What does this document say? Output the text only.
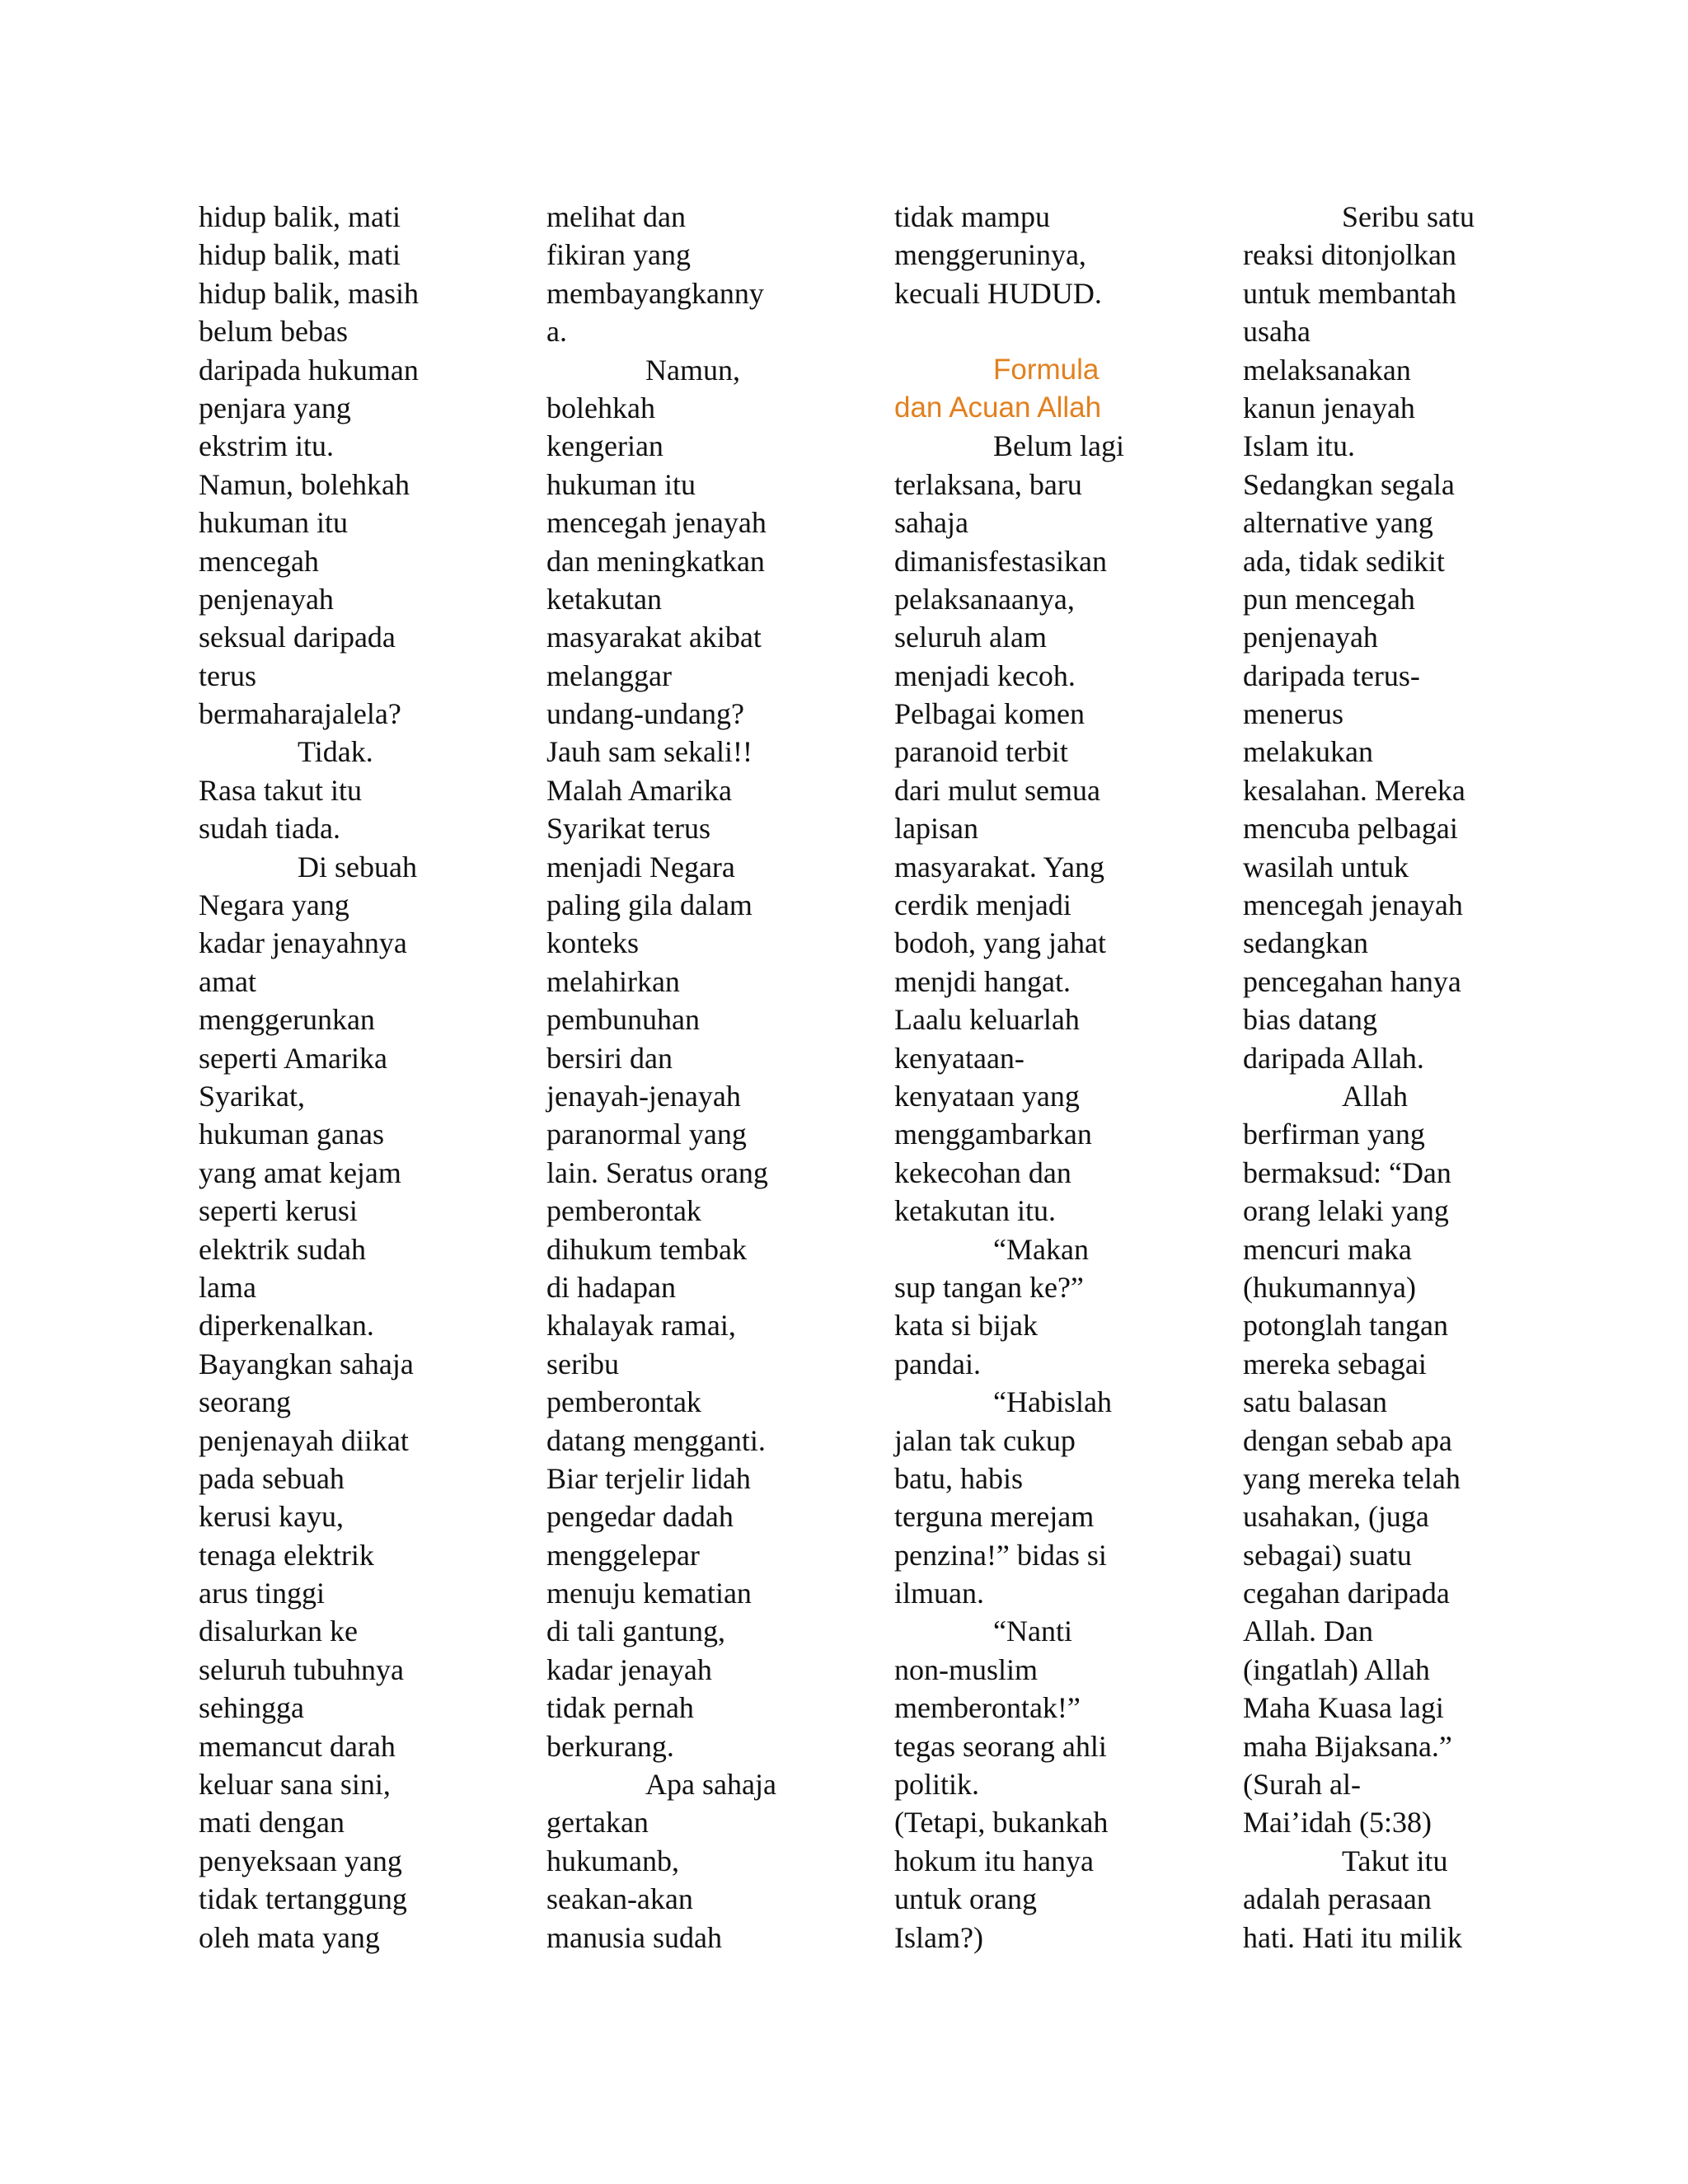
hidup balik, mati
hidup balik, mati
hidup balik, masih
belum bebas
daripada hukuman
penjara yang
ekstrim itu.
Namun, bolehkah
hukuman itu
mencegah
penjenayah
seksual daripada
terus
bermaharajalela?
Tidak.
Rasa takut itu
sudah tiada.
Di sebuah
Negara yang
kadar jenayahnya
amat
menggerunkan
seperti Amarika
Syarikat,
hukuman ganas
yang amat kejam
seperti kerusi
elektrik sudah
lama
diperkenalkan.
Bayangkan sahaja
seorang
penjenayah diikat
pada sebuah
kerusi kayu,
tenaga elektrik
arus tinggi
disalurkan ke
seluruh tubuhnya
sehingga
memancut darah
keluar sana sini,
mati dengan
penyeksaan yang
tidak tertanggung
oleh mata yang
melihat dan
fikiran yang
membayangkanny
a.
Namun,
bolehkah
kengerian
hukuman itu
mencegah jenayah
dan meningkatkan
ketakutan
masyarakat akibat
melanggar
undang-undang?
Jauh sam sekali!!
Malah Amarika
Syarikat terus
menjadi Negara
paling gila dalam
konteks
melahirkan
pembunuhan
bersiri dan
jenayah-jenayah
paranormal yang
lain. Seratus orang
pemberontak
dihukum tembak
di hadapan
khalayak ramai,
seribu
pemberontak
datang mengganti.
Biar terjelir lidah
pengedar dadah
menggelepar
menuju kematian
di tali gantung,
kadar jenayah
tidak pernah
berkurang.
Apa sahaja
gertakan
hukumanb,
seakan-akan
manusia sudah
tidak mampu
menggeruninya,
kecuali HUDUD.
Formula
dan Acuan Allah
Belum lagi
terlaksana, baru
sahaja
dimanisfestasikan
pelaksanaanya,
seluruh alam
menjadi kecoh.
Pelbagai komen
paranoid terbit
dari mulut semua
lapisan
masyarakat. Yang
cerdik menjadi
bodoh, yang jahat
menjdi hangat.
Laalu keluarlah
kenyataan-
kenyataan yang
menggambarkan
kekecohan dan
ketakutan itu.
“Makan
sup tangan ke?”
kata si bijak
pandai.
“Habislah
jalan tak cukup
batu, habis
terguna merejam
penzina!” bidas si
ilmuan.
“Nanti
non-muslim
memberontak!”
tegas seorang ahli
politik.
(Tetapi, bukankah
hokum itu hanya
untuk orang
Islam?)
Seribu satu
reaksi ditonjolkan
untuk membantah
usaha
melaksanakan
kanun jenayah
Islam itu.
Sedangkan segala
alternative yang
ada, tidak sedikit
pun mencegah
penjenayah
daripada terus-
menerus
melakukan
kesalahan. Mereka
mencuba pelbagai
wasilah untuk
mencegah jenayah
sedangkan
pencegahan hanya
bias datang
daripada Allah.
Allah
berfirman yang
bermaksud: “Dan
orang lelaki yang
mencuri maka
(hukumannya)
potonglah tangan
mereka sebagai
satu balasan
dengan sebab apa
yang mereka telah
usahakan, (juga
sebagai) suatu
cegahan daripada
Allah. Dan
(ingatlah) Allah
Maha Kuasa lagi
maha Bijaksana.”
(Surah al-
Mai’idah (5:38)
Takut itu
adalah perasaan
hati. Hati itu milik
